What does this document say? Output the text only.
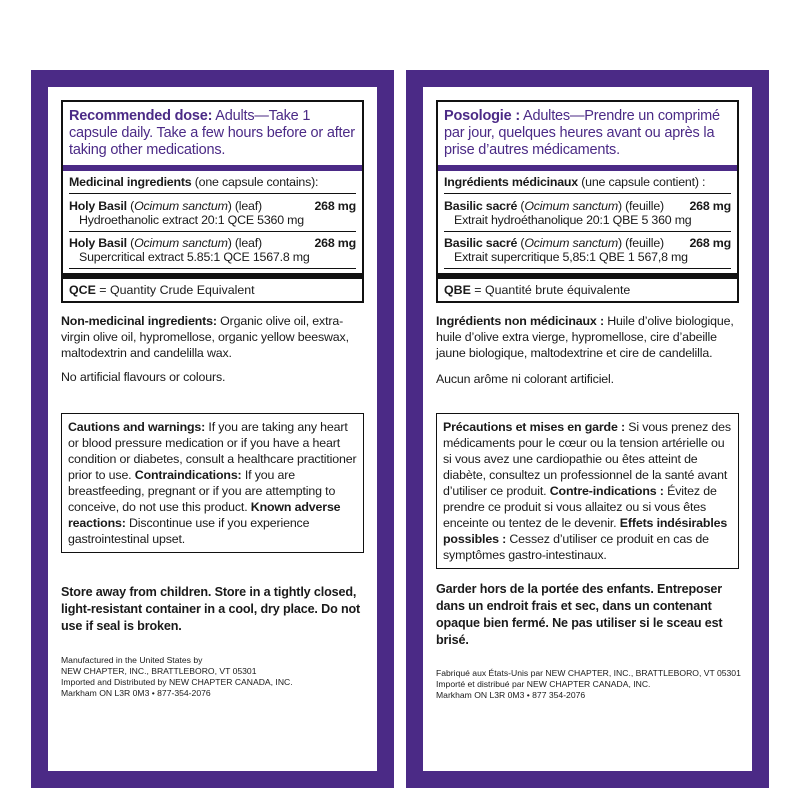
Recommended dose: Adults—Take 1 capsule daily. Take a few hours before or after taking other medications.
Medicinal ingredients (one capsule contains):
Holy Basil (Ocimum sanctum) (leaf)	268 mg
Hydroethanolic extract 20:1 QCE 5360 mg
Holy Basil (Ocimum sanctum) (leaf)	268 mg
Supercritical extract 5.85:1 QCE 1567.8 mg
QCE = Quantity Crude Equivalent
Non-medicinal ingredients: Organic olive oil, extra-virgin olive oil, hypromellose, organic yellow beeswax, maltodextrin and candelilla wax.
No artificial flavours or colours.
Cautions and warnings: If you are taking any heart or blood pressure medication or if you have a heart condition or diabetes, consult a healthcare practitioner prior to use. Contraindications: If you are breastfeeding, pregnant or if you are attempting to conceive, do not use this product. Known adverse reactions: Discontinue use if you experience gastrointestinal upset.
Store away from children. Store in a tightly closed, light-resistant container in a cool, dry place. Do not use if seal is broken.
Manufactured in the United States by
NEW CHAPTER, INC., BRATTLEBORO, VT 05301
Imported and Distributed by NEW CHAPTER CANADA, INC.
Markham ON L3R 0M3 • 877-354-2076
Posologie : Adultes—Prendre un comprimé par jour, quelques heures avant ou après la prise d’autres médicaments.
Ingrédients médicinaux (une capsule contient) :
Basilic sacré (Ocimum sanctum) (feuille) 268 mg
Extrait hydroéthanolique 20:1 QBE 5 360 mg
Basilic sacré (Ocimum sanctum) (feuille) 268 mg
Extrait supercritique 5,85:1 QBE 1 567,8 mg
QBE = Quantité brute équivalente
Ingrédients non médicinaux : Huile d’olive biologique, huile d’olive extra vierge, hypromellose, cire d’abeille jaune biologique, maltodextrine et cire de candelilla.
Aucun arôme ni colorant artificiel.
Précautions et mises en garde : Si vous prenez des médicaments pour le cœur ou la tension artérielle ou si vous avez une cardiopathie ou êtes atteint de diabète, consultez un professionnel de la santé avant d’utiliser ce produit. Contre-indications : Évitez de prendre ce produit si vous allaitez ou si vous êtes enceinte ou tentez de le devenir. Effets indésirables possibles : Cessez d’utiliser ce produit en cas de symptômes gastro-intestinaux.
Garder hors de la portée des enfants. Entreposer dans un endroit frais et sec, dans un contenant opaque bien fermé. Ne pas utiliser si le sceau est brisé.
Fabriqué aux États-Unis par NEW CHAPTER, INC., BRATTLEBORO, VT 05301
Importé et distribué par NEW CHAPTER CANADA, INC.
Markham ON L3R 0M3 • 877 354-2076
